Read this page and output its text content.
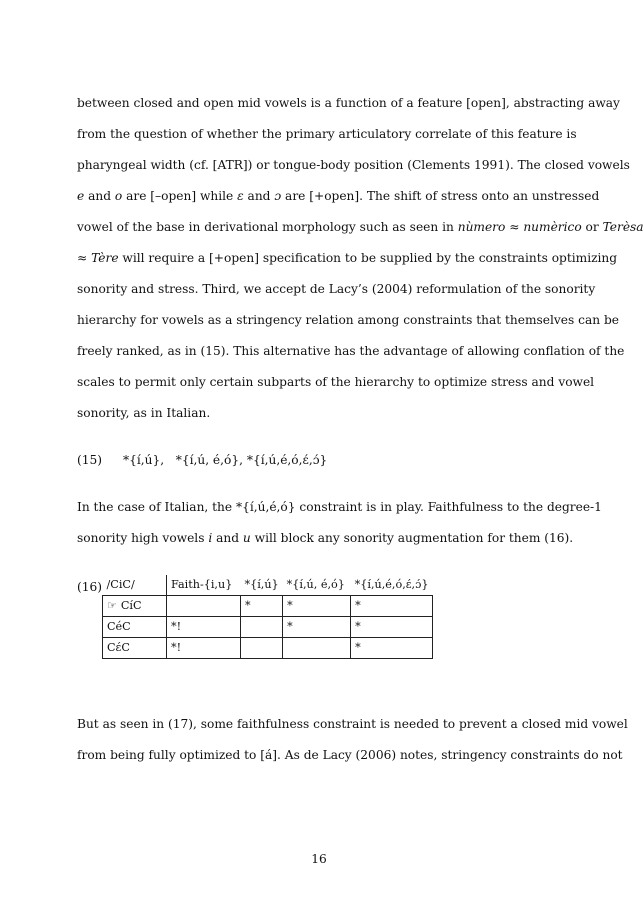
between closed and open mid vowels is a function of a feature [open], abstracting away
from the question of whether the primary articulatory correlate of this feature is
pharyngeal width (cf. [ATR]) or tongue-body position (Clements 1991). The closed vowels
e and o are [–open] while ɛ and ɔ are [+open]. The shift of stress onto an unstressed
vowel of the base in derivational morphology such as seen in nùmero ≈ numèrico or Terèsa
≈ Tère will require a [+open] specification to be supplied by the constraints optimizing
sonority and stress. Third, we accept de Lacy’s (2004) reformulation of the sonority
hierarchy for vowels as a stringency relation among constraints that themselves can be
freely ranked, as in (15). This alternative has the advantage of allowing conflation of the
scales to permit only certain subparts of the hierarchy to optimize stress and vowel
sonority, as in Italian.
(15) *{í,ú},   *{í,ú, é,ó}, *{í,ú,é,ó,ɛ́,ɔ́}
In the case of Italian, the *{í,ú,é,ó} constraint is in play. Faithfulness to the degree-1
sonority high vowels i and u will block any sonority augmentation for them (16).
(16) /CiC/	Faith-{i,u}	*{í,ú}	*{í,ú, é,ó}	*{í,ú,é,ó,ɛ́,ɔ́}
☞ CíC		*	*	*
CéC	*!		*	*
Cɛ́C	*!			*
But as seen in (17), some faithfulness constraint is needed to prevent a closed mid vowel
from being fully optimized to [á]. As de Lacy (2006) notes, stringency constraints do not
16
